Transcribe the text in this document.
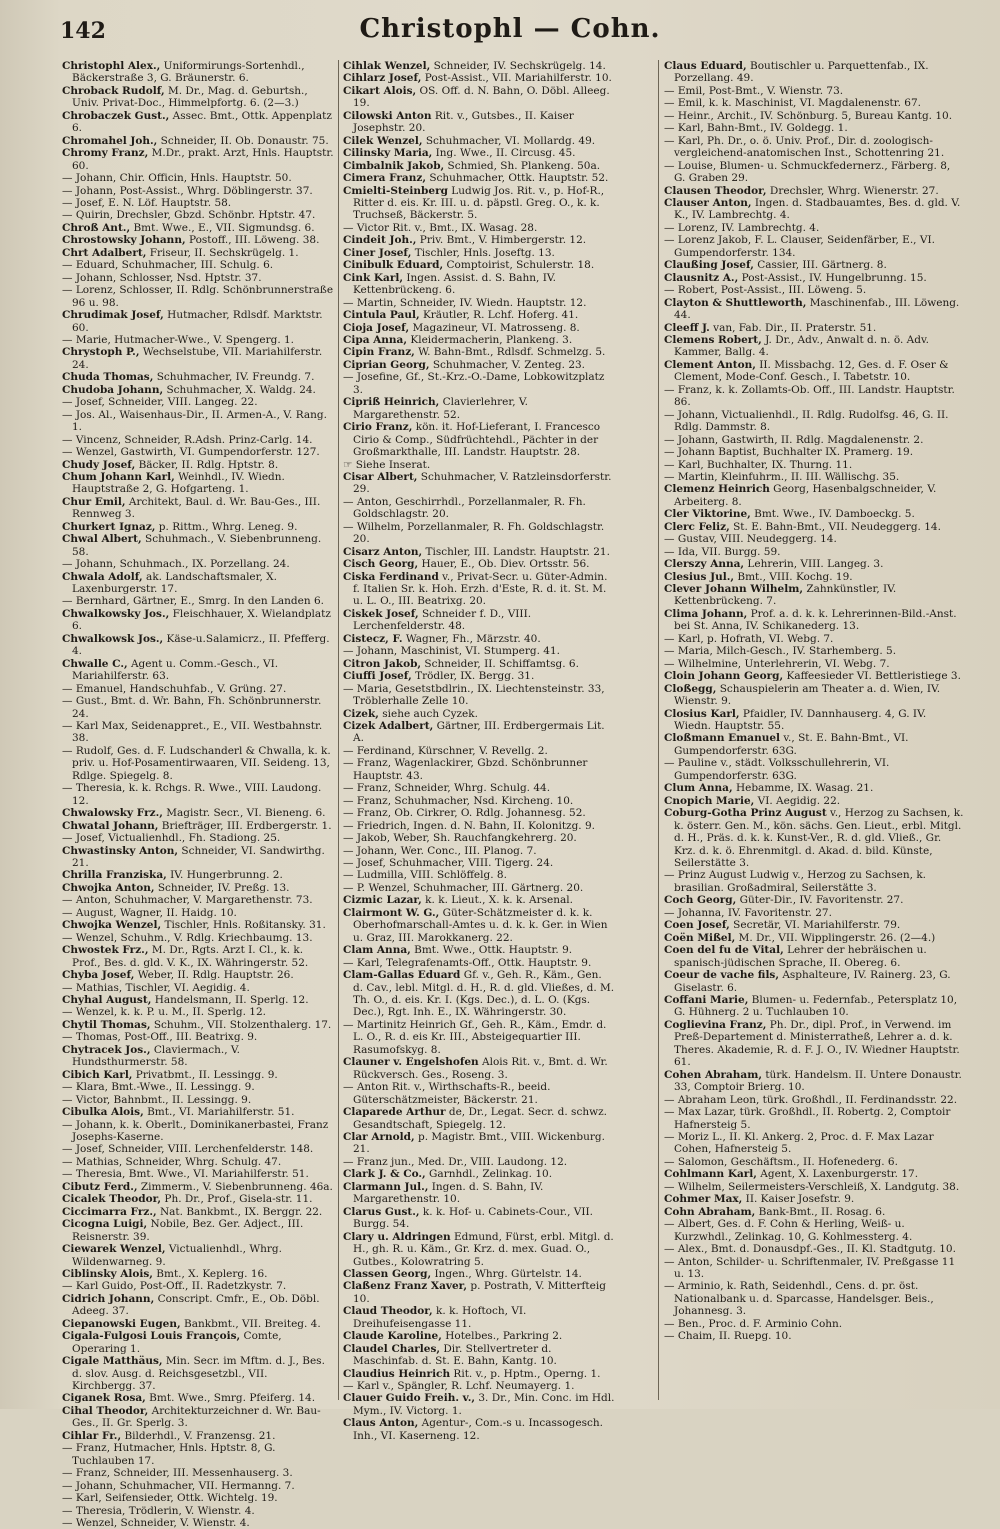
142	Christophl — Cohn.

Christophl Alex., Uniformirungs-Sortenhdl., Bäckerstraße 3, G. Bräunerstr. 6.

Chroback Rudolf, M. Dr., Mag. d. Geburtsh., Univ. Privat-Doc., Himmelpfortg. 6. (2—3.)

Chrobaczek Gust., Assec. Bmt., Ottk. Appenplatz 6.

Chromahel Joh., Schneider, II. Ob. Donaustr. 75.

Chromy Franz, M.Dr., prakt. Arzt, Hnls. Hauptstr. 60.

— Johann, Chir. Officin, Hnls. Hauptstr. 50.

— Johann, Post-Assist., Whrg. Döblingerstr. 37.

— Josef, E. N. Löf. Hauptstr. 58.

— Quirin, Drechsler, Gbzd. Schönbr. Hptstr. 47.

Chroß Ant., Bmt. Wwe., E., VII. Sigmundsg. 6.

Chrostowsky Johann, Postoff., III. Löweng. 38.

Chrt Adalbert, Friseur, II. Sechskrügelg. 1.

— Eduard, Schuhmacher, III. Schulg. 6.

— Johann, Schlosser, Nsd. Hptstr. 37.

— Lorenz, Schlosser, II. Rdlg. Schönbrunnerstraße 96 u. 98.

Chrudimak Josef, Hutmacher, Rdlsdf. Marktstr. 60.

— Marie, Hutmacher-Wwe., V. Spengerg. 1.

Chrystoph P., Wechselstube, VII. Mariahilferstr. 24.

Chuda Thomas, Schuhmacher, IV. Freundg. 7.

Chudoba Johann, Schuhmacher, X. Waldg. 24.

— Josef, Schneider, VIII. Langeg. 22.

— Jos. Al., Waisenhaus-Dir., II. Armen-A., V. Rang. 1.

— Vincenz, Schneider, R.Adsh. Prinz-Carlg. 14.

— Wenzel, Gastwirth, VI. Gumpendorferstr. 127.

Chudy Josef, Bäcker, II. Rdlg. Hptstr. 8.

Chum Johann Karl, Weinhdl., IV. Wiedn. Hauptstraße 2, G. Hofgarteng. 1.

Chur Emil, Architekt, Baul. d. Wr. Bau-Ges., III. Rennweg 3.

Churkert Ignaz, p. Rittm., Whrg. Leneg. 9.

Chwal Albert, Schuhmach., V. Siebenbrunneng. 58.

— Johann, Schuhmach., IX. Porzellang. 24.

Chwala Adolf, ak. Landschaftsmaler, X. Laxenburgerstr. 17.

— Bernhard, Gärtner, E., Smrg. In den Landen 6.

Chwalkowsky Jos., Fleischhauer, X. Wielandplatz 6.

Chwalkowsk Jos., Käse-u.Salamicrz., II. Pfefferg. 4.

Chwalle C., Agent u. Comm.-Gesch., VI. Mariahilferstr. 63.

— Emanuel, Handschuhfab., V. Grüng. 27.

— Gust., Bmt. d. Wr. Bahn, Fh. Schönbrunnerstr. 24.

— Karl Max, Seidenappret., E., VII. Westbahnstr. 38.

— Rudolf, Ges. d. F. Ludschanderl & Chwalla, k. k. priv. u. Hof-Posamentirwaaren, VII. Seideng. 13, Rdlge. Spiegelg. 8.

— Theresia, k. k. Rchgs. R. Wwe., VIII. Laudong. 12.

Chwalowsky Frz., Magistr. Secr., VI. Bieneng. 6.

Chwatal Johann, Briefträger, III. Erdbergerstr. 1.

— Josef, Victualienhdl., Fh. Stadiong. 25.

Chwastinsky Anton, Schneider, VI. Sandwirthg. 21.

Chrilla Franziska, IV. Hungerbrunng. 2.

Chwojka Anton, Schneider, IV. Preßg. 13.

— Anton, Schuhmacher, V. Margarethenstr. 73.

— August, Wagner, II. Haidg. 10.

Chwojka Wenzel, Tischler, Hnls. Roßitansky. 31.

— Wenzel, Schuhm., V. Rdlg. Kriechbaumg. 13.

Chwostek Frz., M. Dr., Rgts. Arzt I. Cl., k. k. Prof., Bes. d. gld. V. K., IX. Währingerstr. 52.

Chyba Josef, Weber, II. Rdlg. Hauptstr. 26.

— Mathias, Tischler, VI. Aegidig. 4.

Chyhal August, Handelsmann, II. Sperlg. 12.

— Wenzel, k. k. P. u. M., II. Sperlg. 12.

Chytil Thomas, Schuhm., VII. Stolzenthalerg. 17.

— Thomas, Post-Off., III. Beatrixg. 9.

Chytracek Jos., Claviermach., V. Hundsthurmerstr. 58.

Cibich Karl, Privatbmt., II. Lessingg. 9.

— Klara, Bmt.-Wwe., II. Lessingg. 9.

— Victor, Bahnbmt., II. Lessingg. 9.

Cibulka Alois, Bmt., VI. Mariahilferstr. 51.

— Johann, k. k. Oberlt., Dominikanerbastei, Franz Josephs-Kaserne.

— Josef, Schneider, VIII. Lerchenfelderstr. 148.

— Mathias, Schneider, Whrg. Schulg. 47.

— Theresia, Bmt. Wwe., VI. Mariahilferstr. 51.

Cibutz Ferd., Zimmerm., V. Siebenbrunneng. 46a.

Cicalek Theodor, Ph. Dr., Prof., Gisela-str. 11.

Ciccimarra Frz., Nat. Bankbmt., IX. Berggr. 22.

Cicogna Luigi, Nobile, Bez. Ger. Adject., III. Reisnerstr. 39.

Ciewarek Wenzel, Victualienhdl., Whrg. Wildenwarneg. 9.

Ciblinsky Alois, Bmt., X. Keplerg. 16.

— Karl Guido, Post-Off., II. Radetzkystr. 7.

Cidrich Johann, Conscript. Cmfr., E., Ob. Döbl. Adeeg. 37.

Ciepanowski Eugen, Bankbmt., VII. Breiteg. 4.

Cigala-Fulgosi Louis François, Comte, Operaring 1.

Cigale Matthäus, Min. Secr. im Mftm. d. J., Bes. d. slov. Ausg. d. Reichsgesetzbl., VII. Kirchbergg. 37.

Ciganek Rosa, Bmt. Wwe., Smrg. Pfeiferg. 14.

Cihal Theodor, Architekturzeichner d. Wr. Bau-Ges., II. Gr. Sperlg. 3.

Cihlar Fr., Bilderhdl., V. Franzensg. 21.

— Franz, Hutmacher, Hnls. Hptstr. 8, G. Tuchlauben 17.

— Franz, Schneider, III. Messenhauserg. 3.

— Johann, Schuhmacher, VII. Hermanng. 7.

— Karl, Seifensieder, Ottk. Wichtelg. 19.

— Theresia, Trödlerin, V. Wienstr. 4.

— Wenzel, Schneider, V. Wienstr. 4.

Cihlak Wenzel, Schneider, IV. Sechskrügelg. 14.

Cihlarz Josef, Post-Assist., VII. Mariahilferstr. 10.

Cikart Alois, OS. Off. d. N. Bahn, O. Döbl. Alleeg. 19.

Cilowski Anton Rit. v., Gutsbes., II. Kaiser Josephstr. 20.

Cilek Wenzel, Schuhmacher, VI. Mollardg. 49.

Cilinsky Maria, Ing. Wwe., II. Circusg. 45.

Cimbalnik Jakob, Schmied, Sh. Plankeng. 50a.

Cimera Franz, Schuhmacher, Ottk. Hauptstr. 52.

Cmielti-Steinberg Ludwig Jos. Rit. v., p. Hof-R., Ritter d. eis. Kr. III. u. d. päpstl. Greg. O., k. k. Truchseß, Bäckerstr. 5.

— Victor Rit. v., Bmt., IX. Wasag. 28.

Cindeit Joh., Priv. Bmt., V. Himbergerstr. 12.

Ciner Josef, Tischler, Hnls. Joseftg. 13.

Cinibulk Eduard, Comptoirist, Schulerstr. 18.

Cink Karl, Ingen. Assist. d. S. Bahn, IV. Kettenbrückeng. 6.

— Martin, Schneider, IV. Wiedn. Hauptstr. 12.

Cintula Paul, Kräutler, R. Lchf. Hoferg. 41.

Cioja Josef, Magazineur, VI. Matrosseng. 8.

Cipa Anna, Kleidermacherin, Plankeng. 3.

Cipin Franz, W. Bahn-Bmt., Rdlsdf. Schmelzg. 5.

Ciprian Georg, Schuhmacher, V. Zenteg. 23.

— Josefine, Gf., St.-Krz.-O.-Dame, Lobkowitzplatz 3.

Cipriß Heinrich, Clavierlehrer, V. Margarethenstr. 52.

Cirio Franz, kön. it. Hof-Lieferant, I. Francesco Cirio & Comp., Südfrüchtehdl., Pächter in der Großmarkthalle, III. Landstr. Hauptstr. 28.

☞ Siehe Inserat.

Cisar Albert, Schuhmacher, V. Ratzleinsdorferstr. 29.

— Anton, Geschirrhdl., Porzellanmaler, R. Fh. Goldschlagstr. 20.

— Wilhelm, Porzellanmaler, R. Fh. Goldschlagstr. 20.

Cisarz Anton, Tischler, III. Landstr. Hauptstr. 21.

Cisch Georg, Hauer, E., Ob. Diev. Ortsstr. 56.

Ciska Ferdinand v., Privat-Secr. u. Güter-Admin. f. Italien Sr. k. Hoh. Erzh. d'Este, R. d. it. St. M. u. L. O., III. Beatrixg. 20.

Ciskek Josef, Schneider f. D., VIII. Lerchenfelderstr. 48.

Cistecz, F. Wagner, Fh., Märzstr. 40.

— Johann, Maschinist, VI. Stumperg. 41.

Citron Jakob, Schneider, II. Schiffamtsg. 6.

Ciuffi Josef, Trödler, IX. Bergg. 31.

— Maria, Gesetstbdlrin., IX. Liechtensteinstr. 33, Tröblerhalle Zelle 10.

Cizek, siehe auch Cyzek.

Cizek Adalbert, Gärtner, III. Erdbergermais Lit. A.

— Ferdinand, Kürschner, V. Revellg. 2.

— Franz, Wagenlackirer, Gbzd. Schönbrunner Hauptstr. 43.

— Franz, Schneider, Whrg. Schulg. 44.

— Franz, Schuhmacher, Nsd. Kircheng. 10.

— Franz, Ob. Cirkrer, O. Rdlg. Johannesg. 52.

— Friedrich, Ingen. d. N. Bahn, II. Kolonitzg. 9.

— Jakob, Weber, Sh. Rauchfangkehrerg. 20.

— Johann, Wer. Conc., III. Planog. 7.

— Josef, Schuhmacher, VIII. Tigerg. 24.

— Ludmilla, VIII. Schlöffelg. 8.

— P. Wenzel, Schuhmacher, III. Gärtnerg. 20.

Cizmic Lazar, k. k. Lieut., X. k. k. Arsenal.

Clairmont W. G., Güter-Schätzmeister d. k. k. Oberhofmarschall-Amtes u. d. k. k. Ger. in Wien u. Graz, III. Marokkanerg. 22.

Clam Anna, Bmt. Wwe., Ottk. Hauptstr. 9.

— Karl, Telegrafenamts-Off., Ottk. Hauptstr. 9.

Clam-Gallas Eduard Gf. v., Geh. R., Käm., Gen. d. Cav., lebl. Mitgl. d. H., R. d. gld. Vließes, d. M. Th. O., d. eis. Kr. I. (Kgs. Dec.), d. L. O. (Kgs. Dec.), Rgt. Inh. E., IX. Währingerstr. 30.

— Martinitz Heinrich Gf., Geh. R., Käm., Emdr. d. L. O., R. d. eis Kr. III., Absteigequartier III. Rasumofskyg. 8.

Clauner v. Engelshofen Alois Rit. v., Bmt. d. Wr. Rückversch. Ges., Roseng. 3.

— Anton Rit. v., Wirthschafts-R., beeid. Güterschätzmeister, Bäckerstr. 21.

Claparede Arthur de, Dr., Legat. Secr. d. schwz. Gesandtschaft, Spiegelg. 12.

Clar Arnold, p. Magistr. Bmt., VIII. Wickenburg. 21.

— Franz jun., Med. Dr., VIII. Laudong. 12.

Clark J. & Co., Garnhdl., Zelinkag. 10.

Clarmann Jul., Ingen. d. S. Bahn, IV. Margarethenstr. 10.

Clarus Gust., k. k. Hof- u. Cabinets-Cour., VII. Burgg. 54.

Clary u. Aldringen Edmund, Fürst, erbl. Mitgl. d. H., gh. R. u. Käm., Gr. Krz. d. mex. Guad. O., Gutbes., Kolowratring 5.

Classen Georg, Ingen., Whrg. Gürtelstr. 14.

Claßenz Franz Xaver, p. Postrath, V. Mitterfteig 10.

Claud Theodor, k. k. Hoftoch, VI. Dreihufeisengasse 11.

Claude Karoline, Hotelbes., Parkring 2.

Claudel Charles, Dir. Stellvertreter d. Maschinfab. d. St. E. Bahn, Kantg. 10.

Claudius Heinrich Rit. v., p. Hptm., Operng. 1.

— Karl v., Spängler, R. Lchf. Neumayerg. 1.

Clauer Guido Freih. v., 3. Dr., Min. Conc. im Hdl. Mym., IV. Victorg. 1.

Claus Anton, Agentur-, Com.-s u. Incassogesch. Inh., VI. Kaserneng. 12.

Claus Eduard, Boutischler u. Parquettenfab., IX. Porzellang. 49.

— Emil, Post-Bmt., V. Wienstr. 73.

— Emil, k. k. Maschinist, VI. Magdalenenstr. 67.

— Heinr., Archit., IV. Schönburg. 5, Bureau Kantg. 10.

— Karl, Bahn-Bmt., IV. Goldegg. 1.

— Karl, Ph. Dr., o. ö. Univ. Prof., Dir. d. zoologisch-vergleichend-anatomischen Inst., Schottenring 21.

— Louise, Blumen- u. Schmuckfedernerz., Färberg. 8, G. Graben 29.

Clausen Theodor, Drechsler, Whrg. Wienerstr. 27.

Clauser Anton, Ingen. d. Stadbauamtes, Bes. d. gld. V. K., IV. Lambrechtg. 4.

— Lorenz, IV. Lambrechtg. 4.

— Lorenz Jakob, F. L. Clauser, Seidenfärber, E., VI. Gumpendorferstr. 134.

Claußing Josef, Cassier, III. Gärtnerg. 8.

Clausnitz A., Post-Assist., IV. Hungelbrunng. 15.

— Robert, Post-Assist., III. Löweng. 5.

Clayton & Shuttleworth, Maschinenfab., III. Löweng. 44.

Cleeff J. van, Fab. Dir., II. Praterstr. 51.

Clemens Robert, J. Dr., Adv., Anwalt d. n. ö. Adv. Kammer, Ballg. 4.

Clement Anton, II. Missbachg. 12, Ges. d. F. Oser & Clement, Mode-Conf. Gesch., I. Tabetstr. 10.

— Franz, k. k. Zollamts-Ob. Off., III. Landstr. Hauptstr. 86.

— Johann, Victualienhdl., II. Rdlg. Rudolfsg. 46, G. II. Rdlg. Dammstr. 8.

— Johann, Gastwirth, II. Rdlg. Magdalenenstr. 2.

— Johann Baptist, Buchhalter IX. Pramerg. 19.

— Karl, Buchhalter, IX. Thurng. 11.

— Martin, Kleinfuhrm., II. III. Wällischg. 35.

Clemenz Heinrich Georg, Hasenbalgschneider, V. Arbeiterg. 8.

Cler Viktorine, Bmt. Wwe., IV. Damboeckg. 5.

Clerc Feliz, St. E. Bahn-Bmt., VII. Neudeggerg. 14.

— Gustav, VIII. Neudeggerg. 14.

— Ida, VII. Burgg. 59.

Clerszy Anna, Lehrerin, VIII. Langeg. 3.

Clesius Jul., Bmt., VIII. Kochg. 19.

Clever Johann Wilhelm, Zahnkünstler, IV. Kettenbrückeng. 7.

Clima Johann, Prof. a. d. k. k. Lehrerinnen-Bild.-Anst. bei St. Anna, IV. Schikanederg. 13.

— Karl, p. Hofrath, VI. Webg. 7.

— Maria, Milch-Gesch., IV. Starhemberg. 5.

— Wilhelmine, Unterlehrerin, VI. Webg. 7.

Cloin Johann Georg, Kaffeesieder VI. Bettleristiege 3.

Cloßegg, Schauspielerin am Theater a. d. Wien, IV. Wienstr. 9.

Closius Karl, Pfaidler, IV. Dannhauserg. 4, G. IV. Wiedn. Hauptstr. 55.

Cloßmann Emanuel v., St. E. Bahn-Bmt., VI. Gumpendorferstr. 63G.

— Pauline v., städt. Volksschullehrerin, VI. Gumpendorferstr. 63G.

Clum Anna, Hebamme, IX. Wasag. 21.

Cnopich Marie, VI. Aegidig. 22.

Coburg-Gotha Prinz August v., Herzog zu Sachsen, k. k. österr. Gen. M., kön. sächs. Gen. Lieut., erbl. Mitgl. d. H., Präs. d. k. k. Kunst-Ver., R. d. gld. Vließ., Gr. Krz. d. k. ö. Ehrenmitgl. d. Akad. d. bild. Künste, Seilerstätte 3.

— Prinz August Ludwig v., Herzog zu Sachsen, k. brasilian. Großadmiral, Seilerstätte 3.

Coch Georg, Güter-Dir., IV. Favoritenstr. 27.

— Johanna, IV. Favoritenstr. 27.

Coen Josef, Secretär, VI. Mariahilferstr. 79.

Coën Mißel, M. Dr., VII. Wipplingerstr. 26. (2—4.)

Coen del fu de Vital, Lehrer der hebräischen u. spanisch-jüdischen Sprache, II. Obereg. 6.

Coeur de vache fils, Asphalteure, IV. Rainerg. 23, G. Giselastr. 6.

Coffani Marie, Blumen- u. Federnfab., Petersplatz 10, G. Hühnerg. 2 u. Tuchlauben 10.

Coglievina Franz, Ph. Dr., dipl. Prof., in Verwend. im Preß-Departement d. Ministerratheß, Lehrer a. d. k. Theres. Akademie, R. d. F. J. O., IV. Wiedner Hauptstr. 61.

Cohen Abraham, türk. Handelsm. II. Untere Donaustr. 33, Comptoir Brierg. 10.

— Abraham Leon, türk. Großhdl., II. Ferdinandsstr. 22.

— Max Lazar, türk. Großhdl., II. Robertg. 2, Comptoir Hafnersteig 5.

— Moriz L., II. Kl. Ankerg. 2, Proc. d. F. Max Lazar Cohen, Hafnersteig 5.

— Salomon, Geschäftsm., II. Hofenederg. 6.

Cohlmann Karl, Agent, X. Laxenburgerstr. 17.

— Wilhelm, Seilermeisters-Verschleiß, X. Landgutg. 38.

Cohmer Max, II. Kaiser Josefstr. 9.

Cohn Abraham, Bank-Bmt., II. Rosag. 6.

— Albert, Ges. d. F. Cohn & Herling, Weiß- u. Kurzwhdl., Zelinkag. 10, G. Kohlmessterg. 4.

— Alex., Bmt. d. Donausdpf.-Ges., II. Kl. Stadtgutg. 10.

— Anton, Schilder- u. Schriftenmaler, IV. Preßgasse 11 u. 13.

— Arminio, k. Rath, Seidenhdl., Cens. d. pr. öst. Nationalbank u. d. Sparcasse, Handelsger. Beis., Johannesg. 3.

— Ben., Proc. d. F. Arminio Cohn.

— Chaim, II. Ruepg. 10.
